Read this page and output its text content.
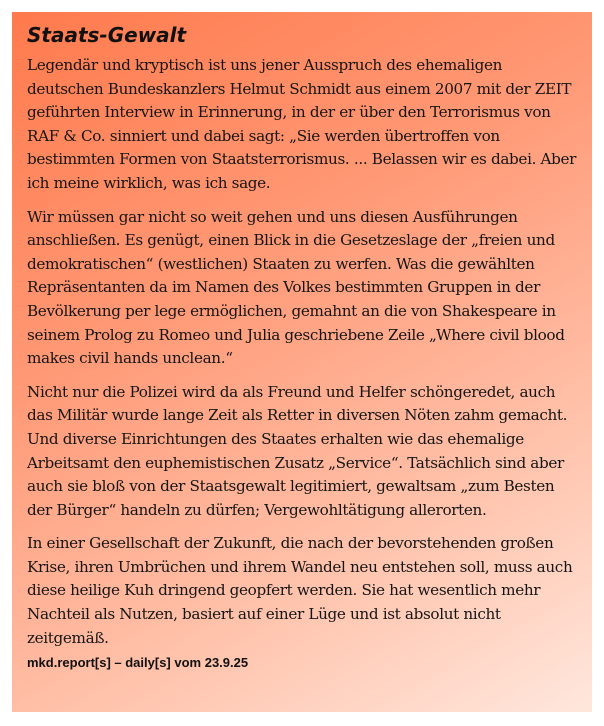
Staats-Gewalt

Legendär und kryptisch ist uns jener Ausspruch des ehemaligen deutschen Bundeskanzlers Helmut Schmidt aus einem 2007 mit der ZEIT geführten Interview in Erinnerung, in der er über den Terrorismus von RAF & Co. sinniert und dabei sagt: „Sie werden übertroffen von bestimmten Formen von Staatsterrorismus. ... Belassen wir es dabei. Aber ich meine wirklich, was ich sage.

Wir müssen gar nicht so weit gehen und uns diesen Ausführungen anschließen. Es genügt, einen Blick in die Gesetzeslage der „freien und demokratischen“ (westlichen) Staaten zu werfen. Was die gewählten Repräsentanten da im Namen des Volkes bestimmten Gruppen in der Bevölkerung per lege ermöglichen, gemahnt an die von Shakespeare in seinem Prolog zu Romeo und Julia geschriebene Zeile „Where civil blood makes civil hands unclean.“

Nicht nur die Polizei wird da als Freund und Helfer schöngeredet, auch das Militär wurde lange Zeit als Retter in diversen Nöten zahm gemacht. Und diverse Einrichtungen des Staates erhalten wie das ehemalige Arbeitsamt den euphemistischen Zusatz „Service“. Tatsächlich sind aber auch sie bloß von der Staatsgewalt legitimiert, gewaltsam „zum Besten der Bürger“ handeln zu dürfen; Vergewohltätigung allerorten.

In einer Gesellschaft der Zukunft, die nach der bevorstehenden großen Krise, ihren Umbrüchen und ihrem Wandel neu entstehen soll, muss auch diese heilige Kuh dringend geopfert werden. Sie hat wesentlich mehr Nachteil als Nutzen, basiert auf einer Lüge und ist absolut nicht zeitgemäß.

mkd.report[s] – daily[s] vom 23.9.25
